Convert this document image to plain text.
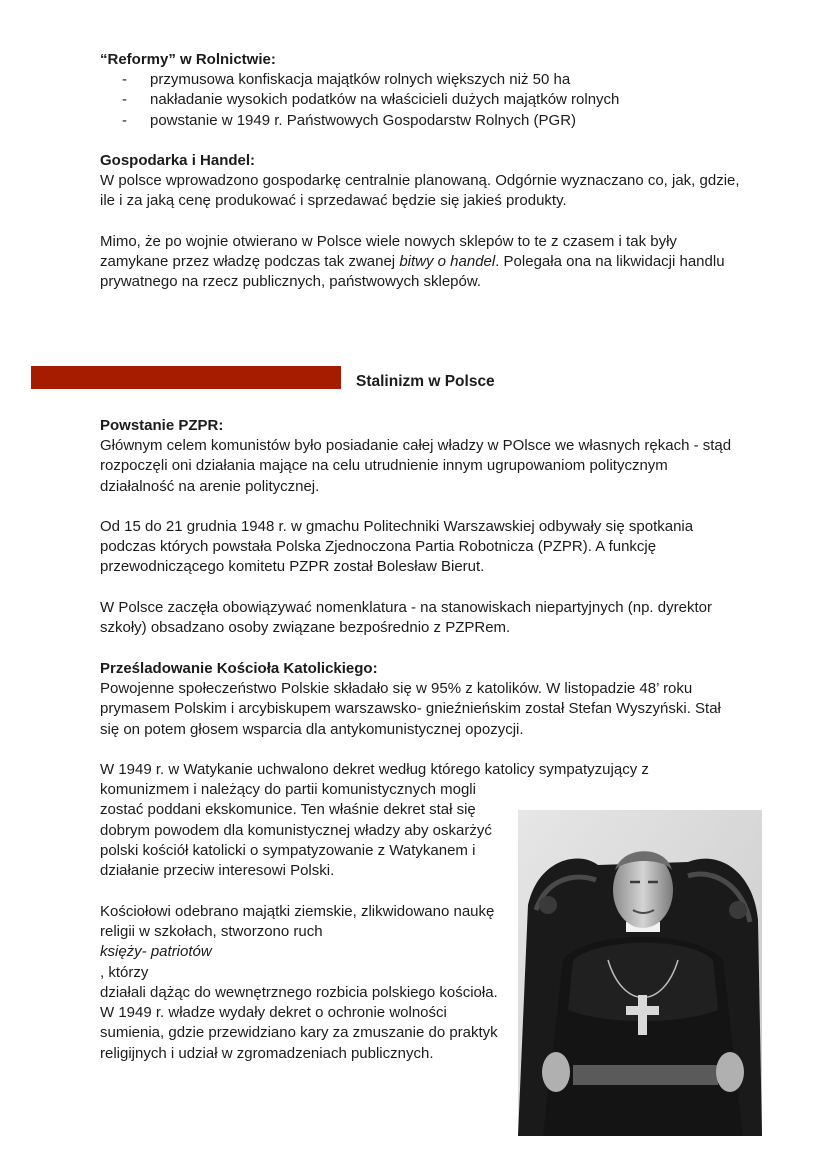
“Reformy” w Rolnictwie:

- przymusowa konfiskacja majątków rolnych większych niż 50 ha
- nakładanie wysokich podatków na właścicieli dużych majątków rolnych
- powstanie w 1949 r. Państwowych Gospodarstw Rolnych (PGR)

Gospodarka i Handel:

W polsce wprowadzono gospodarkę centralnie planowaną. Odgórnie wyznaczano co, jak, gdzie, ile i za jaką cenę produkować i sprzedawać będzie się jakieś produkty.

Mimo, że po wojnie otwierano w Polsce wiele nowych sklepów to te z czasem i tak były zamykane przez władzę podczas tak zwanej bitwy o handel. Polegała ona na likwidacji handlu prywatnego na rzecz publicznych, państwowych sklepów.

Stalinizm w Polsce

Powstanie PZPR:

Głównym celem komunistów było posiadanie całej władzy w POlsce we własnych rękach - stąd rozpoczęli oni działania mające na celu utrudnienie innym ugrupowaniom politycznym działalność na arenie politycznej.

Od 15 do 21 grudnia 1948 r. w gmachu Politechniki Warszawskiej odbywały się spotkania podczas których powstała Polska Zjednoczona Partia Robotnicza (PZPR). A funkcję przewodniczącego komitetu PZPR został Bolesław Bierut.

W Polsce zaczęła obowiązywać nomenklatura - na stanowiskach niepartyjnych (np. dyrektor szkoły) obsadzano osoby związane bezpośrednio z PZPRem.

Prześladowanie Kościoła Katolickiego:

Powojenne społeczeństwo Polskie składało się w 95% z katolików. W listopadzie 48’ roku prymasem Polskim i arcybiskupem warszawsko- gnieźnieńskim został Stefan Wyszyński. Stał się on potem głosem wsparcia dla antykomunistycznej opozycji.

W 1949 r. w Watykanie uchwalono dekret według którego katolicy sympatyzujący z
komunizmem i należący do partii komunistycznych mogli
zostać poddani ekskomunice. Ten właśnie dekret stał się
dobrym powodem dla komunistycznej władzy aby oskarżyć
polski kościół katolicki o sympatyzowanie z Watykanem i
działanie przeciw interesowi Polski.
Kościołowi odebrano majątki ziemskie, zlikwidowano naukę
religii w szkołach, stworzono ruch
księży- patriotów
, którzy
działali dążąc do wewnętrznego rozbicia polskiego kościoła.
W 1949 r. władze wydały dekret o ochronie wolności
sumienia, gdzie przewidziano kary za zmuszanie do praktyk
religijnych i udział w zgromadzeniach publicznych.
